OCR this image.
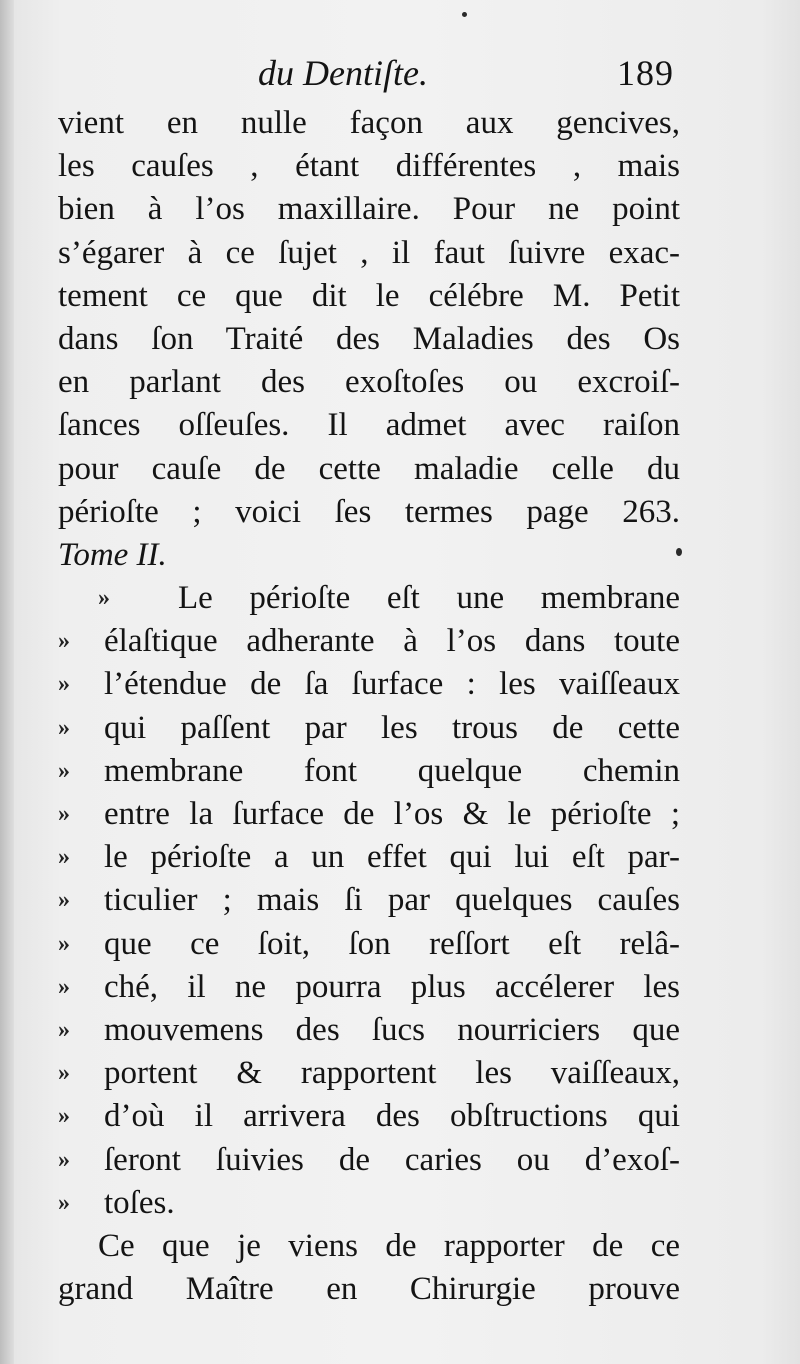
du Dentiſte.	189
vient en nulle façon aux gencives,
les cauſes , étant différentes , mais
bien à l’os maxillaire. Pour ne point
s’égarer à ce ſujet , il faut ſuivre exac-
tement ce que dit le célébre M. Petit
dans ſon Traité des Maladies des Os
en parlant des exoſtoſes ou excroiſ-
ſances oſſeuſes. Il admet avec raiſon
pour cauſe de cette maladie celle du
périoſte ; voici ſes termes page 263.
Tome II.
»	Le périoſte eſt une membrane
»	élaſtique adherante à l’os dans toute
»	l’étendue de ſa ſurface : les vaiſſeaux
»	qui paſſent par les trous de cette
»	membrane font quelque chemin
»	entre la ſurface de l’os & le périoſte ;
»	le périoſte a un effet qui lui eſt par-
»	ticulier ; mais ſi par quelques cauſes
»	que ce ſoit, ſon reſſort eſt relâ-
»	ché, il ne pourra plus accélerer les
»	mouvemens des ſucs nourriciers que
»	portent & rapportent les vaiſſeaux,
»	d’où il arrivera des obſtructions qui
»	ſeront ſuivies de caries ou d’exoſ-
»	toſes.
Ce que je viens de rapporter de ce
grand Maître en Chirurgie prouve
